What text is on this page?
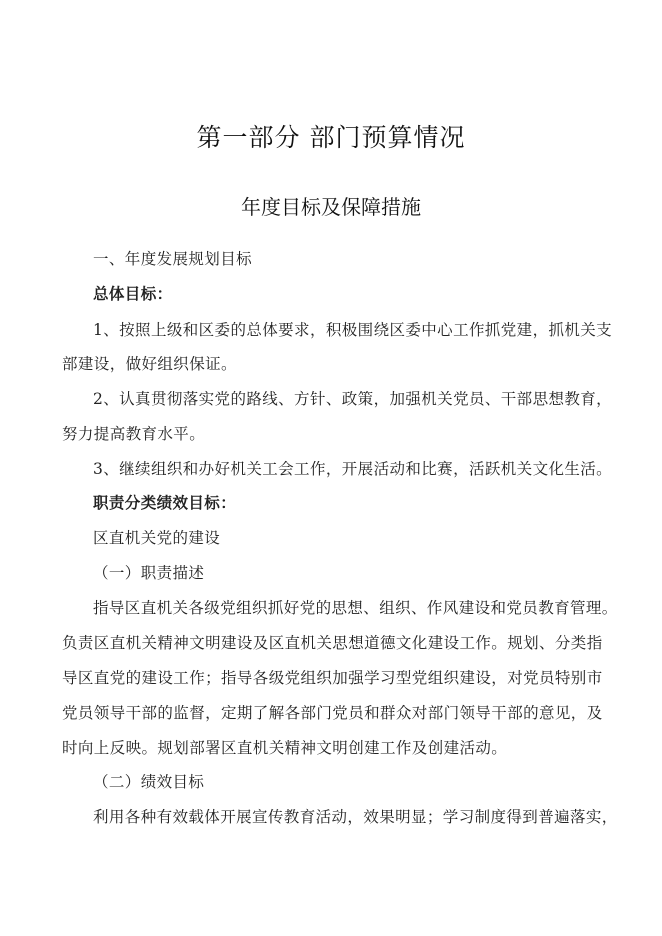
第一部分 部门预算情况
年度目标及保障措施
一、年度发展规划目标
总体目标：
1、按照上级和区委的总体要求，积极围绕区委中心工作抓党建，抓机关支
部建设，做好组织保证。
2、认真贯彻落实党的路线、方针、政策，加强机关党员、干部思想教育，
努力提高教育水平。
3、继续组织和办好机关工会工作，开展活动和比赛，活跃机关文化生活。
职责分类绩效目标：
区直机关党的建设
（一）职责描述
指导区直机关各级党组织抓好党的思想、组织、作风建设和党员教育管理。
负责区直机关精神文明建设及区直机关思想道德文化建设工作。规划、分类指
导区直党的建设工作；指导各级党组织加强学习型党组织建设，对党员特别市
党员领导干部的监督，定期了解各部门党员和群众对部门领导干部的意见，及
时向上反映。规划部署区直机关精神文明创建工作及创建活动。
（二）绩效目标
利用各种有效载体开展宣传教育活动，效果明显；学习制度得到普遍落实，
